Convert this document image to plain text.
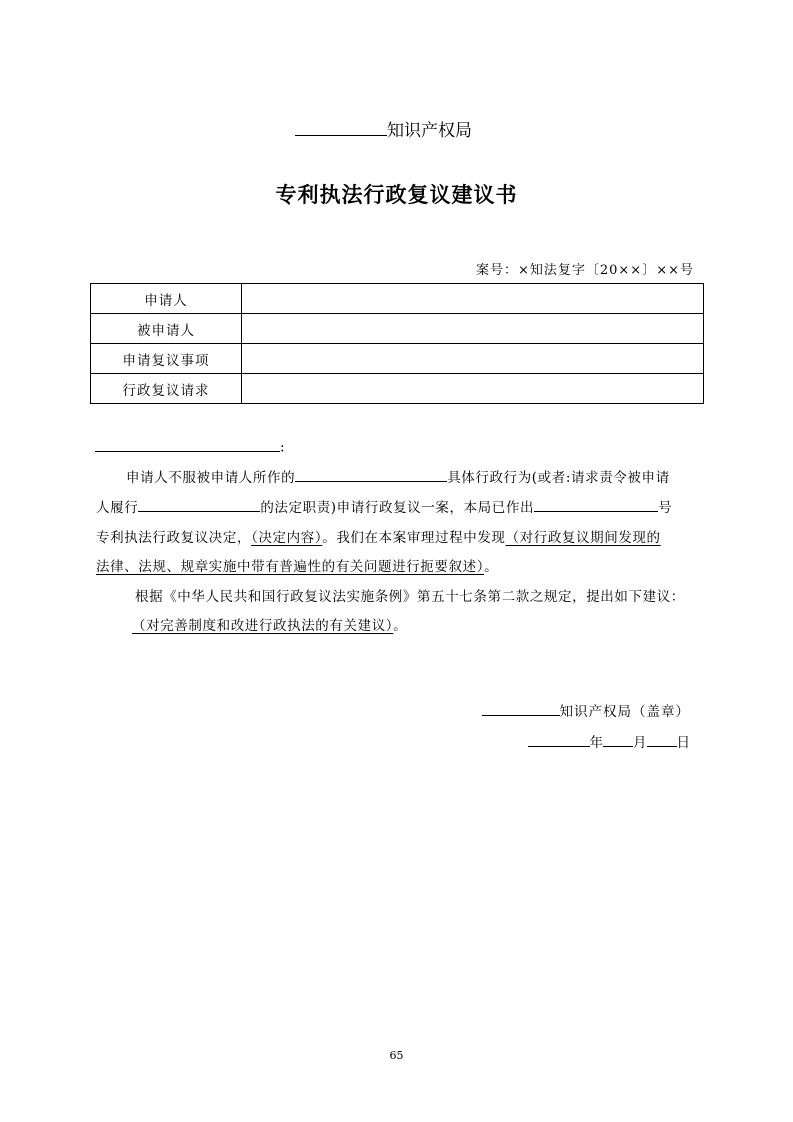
知识产权局
专利执法行政复议建议书
案号：×知法复字〔20××〕××号
申请人	
被申请人	
申请复议事项	
行政复议请求	
:
申请人不服被申请人所作的	具体行政行为(或者:请求责令被申请
人履行	的法定职责)申请行政复议一案，本局已作出	号
专利执法行政复议决定，（决定内容）。我们在本案审理过程中发现（对行政复议期间发现的
法律、法规、规章实施中带有普遍性的有关问题进行扼要叙述）。
根据《中华人民共和国行政复议法实施条例》第五十七条第二款之规定，提出如下建议：
（对完善制度和改进行政执法的有关建议）。
知识产权局（盖章）
年 月 日
65
